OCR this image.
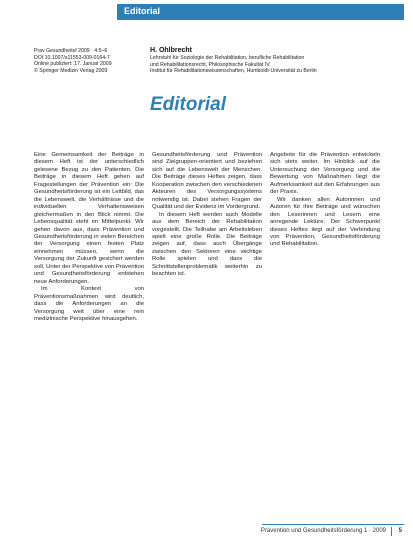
Editorial
Prav Gesundheitsf 2009 · 4:5–6
DOI 10.1007/s11553-009-0164-7
Online publiziert: 17. Januar 2009
© Springer Medizin Verlag 2009
H. Ohlbrecht
Lehrstuhl für Soziologie der Rehabilitation, berufliche Rehabilitation
und Rehabilitationsrecht, Philosophische Fakultät IV,
Institut für Rehabilitationswissenschaften, Humboldt-Universität zu Berlin
Editorial

Eine Gemeinsamkeit der Beiträge in diesem Heft ist der unterschiedlich gelesene Bezug zu den Patienten. Die Beiträge in diesem Heft gehen auf Fragestellungen der Prävention ein: Die Gesundheitsförderung ist ein Leitbild, das die Lebenswelt, die Verhältnisse und die individuellen Verhaltensweisen gleichermaßen in den Blick nimmt. Die Lebensqualität steht im Mittelpunkt. Wir gehen davon aus, dass Prävention und Gesundheitsförderung in vielen Bereichen der Versorgung einen festen Platz einnehmen müssen, wenn die Versorgung der Zukunft gesichert werden soll. Unter der Perspektive von Prävention und Gesundheitsförderung entstehen neue Anforderungen.

Im Kontext von Präventionsmaßnahmen wird deutlich, dass die Anforderungen an die Versorgung weit über eine rein medizinische Perspektive hinausgehen.

Gesundheitsförderung und Prävention sind Zielgruppen-orientiert und beziehen sich auf die Lebenswelt der Menschen. Die Beiträge dieses Heftes zeigen, dass Kooperation zwischen den verschiedenen Akteuren des Versorgungssystems notwendig ist. Dabei stehen Fragen der Qualität und der Evidenz im Vordergrund.

In diesem Heft werden auch Modelle aus dem Bereich der Rehabilitation vorgestellt. Die Teilhabe am Arbeitsleben spielt eine große Rolle. Die Beiträge zeigen auf, dass auch Übergänge zwischen den Sektoren eine wichtige Rolle spielen und dass die Schnittstellenproblematik weiterhin zu beachten ist.

Angebote für die Prävention entwickeln sich stets weiter. Im Hinblick auf die Untersuchung der Versorgung und die Bewertung von Maßnahmen liegt die Aufmerksamkeit auf den Erfahrungen aus der Praxis.

Wir danken allen Autorinnen und Autoren für ihre Beiträge und wünschen den Leserinnen und Lesern eine anregende Lektüre. Der Schwerpunkt dieses Heftes liegt auf der Verbindung von Prävention, Gesundheitsförderung und Rehabilitation.

Prävention und Gesundheitsförderung 1 · 2009 5
